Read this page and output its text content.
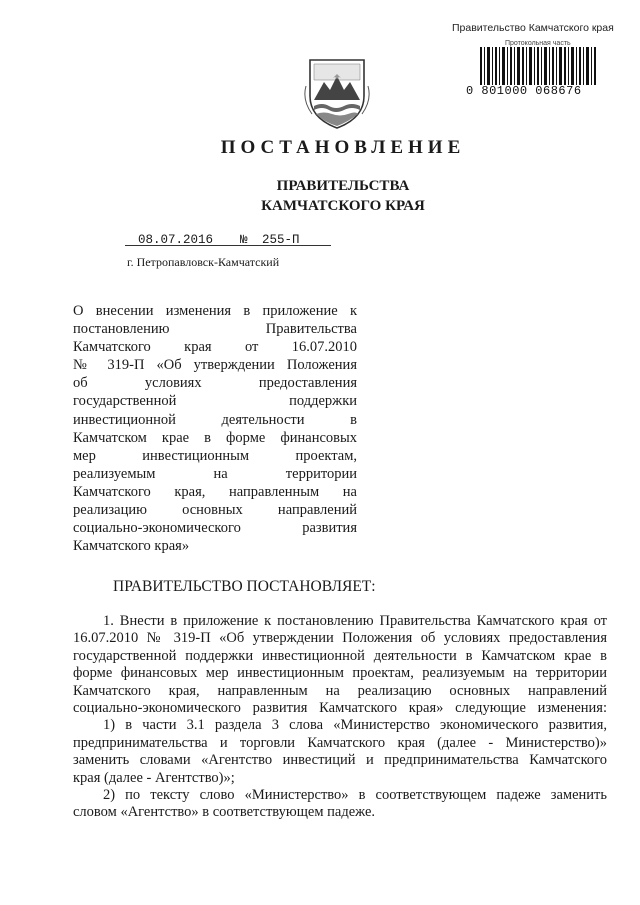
Правительство Камчатского края
Протокольная часть
0 801000 068676
ПОСТАНОВЛЕНИЕ
ПРАВИТЕЛЬСТВА
КАМЧАТСКОГО КРАЯ
08.07.2016 № 255-П
г. Петропавловск-Камчатский
О внесении изменения в приложение к
постановлению Правительства
Камчатского края от 16.07.2010
№ 319-П «Об утверждении Положения
об условиях предоставления
государственной поддержки
инвестиционной деятельности в
Камчатском крае в форме финансовых
мер инвестиционным проектам,
реализуемым на территории
Камчатского края, направленным на
реализацию основных направлений
социально-экономического развития
Камчатского края»
ПРАВИТЕЛЬСТВО ПОСТАНОВЛЯЕТ:
1. Внести в приложение к постановлению Правительства Камчатского края от
16.07.2010 № 319-П «Об утверждении Положения об условиях предоставления
государственной поддержки инвестиционной деятельности в Камчатском крае в
форме финансовых мер инвестиционным проектам, реализуемым на территории
Камчатского края, направленным на реализацию основных направлений
социально-экономического развития Камчатского края» следующие изменения:
1) в части 3.1 раздела 3 слова «Министерство экономического развития,
предпринимательства и торговли Камчатского края (далее - Министерство)»
заменить словами «Агентство инвестиций и предпринимательства Камчатского
края (далее - Агентство)»;
2) по тексту слово «Министерство» в соответствующем падеже заменить
словом «Агентство» в соответствующем падеже.
